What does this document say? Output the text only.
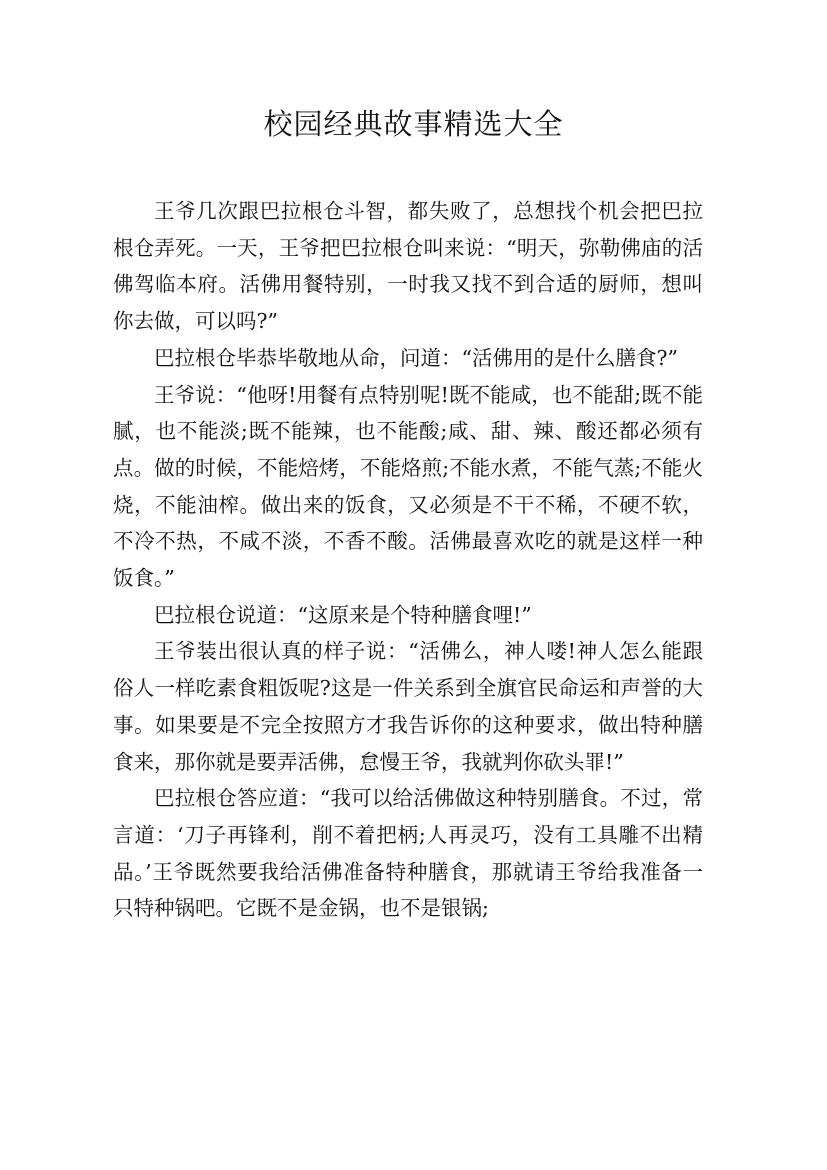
校园经典故事精选大全

王爷几次跟巴拉根仓斗智，都失败了，总想找个机会把巴拉根仓弄死。一天，王爷把巴拉根仓叫来说：“明天，弥勒佛庙的活佛驾临本府。活佛用餐特别，一时我又找不到合适的厨师，想叫你去做，可以吗?”

巴拉根仓毕恭毕敬地从命，问道：“活佛用的是什么膳食?”

王爷说：“他呀!用餐有点特别呢!既不能咸，也不能甜;既不能腻，也不能淡;既不能辣，也不能酸;咸、甜、辣、酸还都必须有点。做的时候，不能焙烤，不能烙煎;不能水煮，不能气蒸;不能火烧，不能油榨。做出来的饭食，又必须是不干不稀，不硬不软，不冷不热，不咸不淡，不香不酸。活佛最喜欢吃的就是这样一种饭食。”

巴拉根仓说道：“这原来是个特种膳食哩!”

王爷装出很认真的样子说：“活佛么，神人喽!神人怎么能跟俗人一样吃素食粗饭呢?这是一件关系到全旗官民命运和声誉的大事。如果要是不完全按照方才我告诉你的这种要求，做出特种膳食来，那你就是要弄活佛，怠慢王爷，我就判你砍头罪!”

巴拉根仓答应道：“我可以给活佛做这种特别膳食。不过，常言道：‘刀子再锋利，削不着把柄;人再灵巧，没有工具雕不出精品。’王爷既然要我给活佛准备特种膳食，那就请王爷给我准备一只特种锅吧。它既不是金锅，也不是银锅;
